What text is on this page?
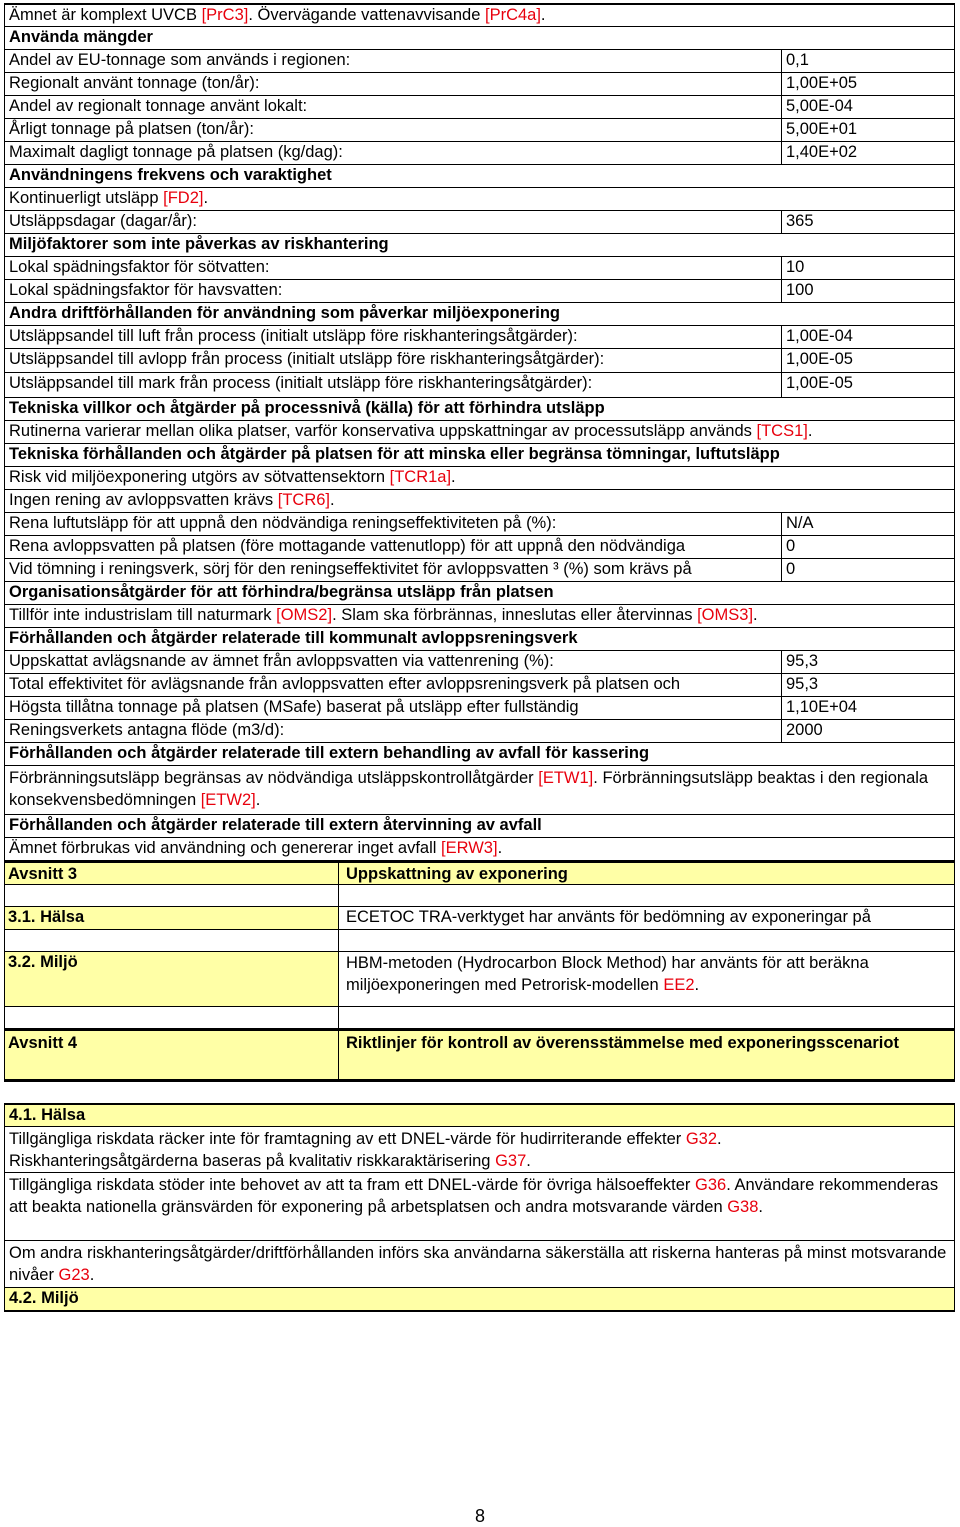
Ämnet är komplext UVCB [PrC3]. Övervägande vattenavvisande [PrC4a].
Använda mängder
Andel av EU-tonnage som används i regionen:	0,1
Regionalt använt tonnage (ton/år):	1,00E+05
Andel av regionalt tonnage använt lokalt:	5,00E-04
Årligt tonnage på platsen (ton/år):	5,00E+01
Maximalt dagligt tonnage på platsen (kg/dag):	1,40E+02
Användningens frekvens och varaktighet
Kontinuerligt utsläpp [FD2].
Utsläppsdagar (dagar/år):	365
Miljöfaktorer som inte påverkas av riskhantering
Lokal spädningsfaktor för sötvatten:	10
Lokal spädningsfaktor för havsvatten:	100
Andra driftförhållanden för användning som påverkar miljöexponering
Utsläppsandel till luft från process (initialt utsläpp före riskhanteringsåtgärder):	1,00E-04
Utsläppsandel till avlopp från process (initialt utsläpp före riskhanteringsåtgärder):	1,00E-05
Utsläppsandel till mark från process (initialt utsläpp före riskhanteringsåtgärder):	1,00E-05
Tekniska villkor och åtgärder på processnivå (källa) för att förhindra utsläpp
Rutinerna varierar mellan olika platser, varför konservativa uppskattningar av processutsläpp används [TCS1].
Tekniska förhållanden och åtgärder på platsen för att minska eller begränsa tömningar, luftutsläpp
Risk vid miljöexponering utgörs av sötvattensektorn [TCR1a].
Ingen rening av avloppsvatten krävs [TCR6].
Rena luftutsläpp för att uppnå den nödvändiga reningseffektiviteten på (%):	N/A
Rena avloppsvatten på platsen (före mottagande vattenutlopp) för att uppnå den nödvändiga	0
Vid tömning i reningsverk, sörj för den reningseffektivitet för avloppsvatten ³ (%) som krävs på	0
Organisationsåtgärder för att förhindra/begränsa utsläpp från platsen
Tillför inte industrislam till naturmark [OMS2]. Slam ska förbrännas, inneslutas eller återvinnas [OMS3].
Förhållanden och åtgärder relaterade till kommunalt avloppsreningsverk
Uppskattat avlägsnande av ämnet från avloppsvatten via vattenrening (%):	95,3
Total effektivitet för avlägsnande från avloppsvatten efter avloppsreningsverk på platsen och	95,3
Högsta tillåtna tonnage på platsen (MSafe) baserat på utsläpp efter fullständig	1,10E+04
Reningsverkets antagna flöde (m3/d):	2000
Förhållanden och åtgärder relaterade till extern behandling av avfall för kassering
Förbränningsutsläpp begränsas av nödvändiga utsläppskontrollåtgärder [ETW1]. Förbränningsutsläpp beaktas i den regionala konsekvensbedömningen [ETW2].
Förhållanden och åtgärder relaterade till extern återvinning av avfall
Ämnet förbrukas vid användning och genererar inget avfall [ERW3].
Avsnitt 3	Uppskattning av exponering
3.1. Hälsa	ECETOC TRA-verktyget har använts för bedömning av exponeringar på
3.2. Miljö	HBM-metoden (Hydrocarbon Block Method) har använts för att beräkna miljöexponeringen med Petrorisk-modellen EE2.
Avsnitt 4	Riktlinjer för kontroll av överensstämmelse med exponeringsscenariot
4.1. Hälsa
Tillgängliga riskdata räcker inte för framtagning av ett DNEL-värde för hudirriterande effekter G32.
Riskhanteringsåtgärderna baseras på kvalitativ riskkaraktärisering G37.
Tillgängliga riskdata stöder inte behovet av att ta fram ett DNEL-värde för övriga hälsoeffekter G36. Användare rekommenderas att beakta nationella gränsvärden för exponering på arbetsplatsen och andra motsvarande värden G38.
Om andra riskhanteringsåtgärder/driftförhållanden införs ska användarna säkerställa att riskerna hanteras på minst motsvarande nivåer G23.
4.2. Miljö
8
